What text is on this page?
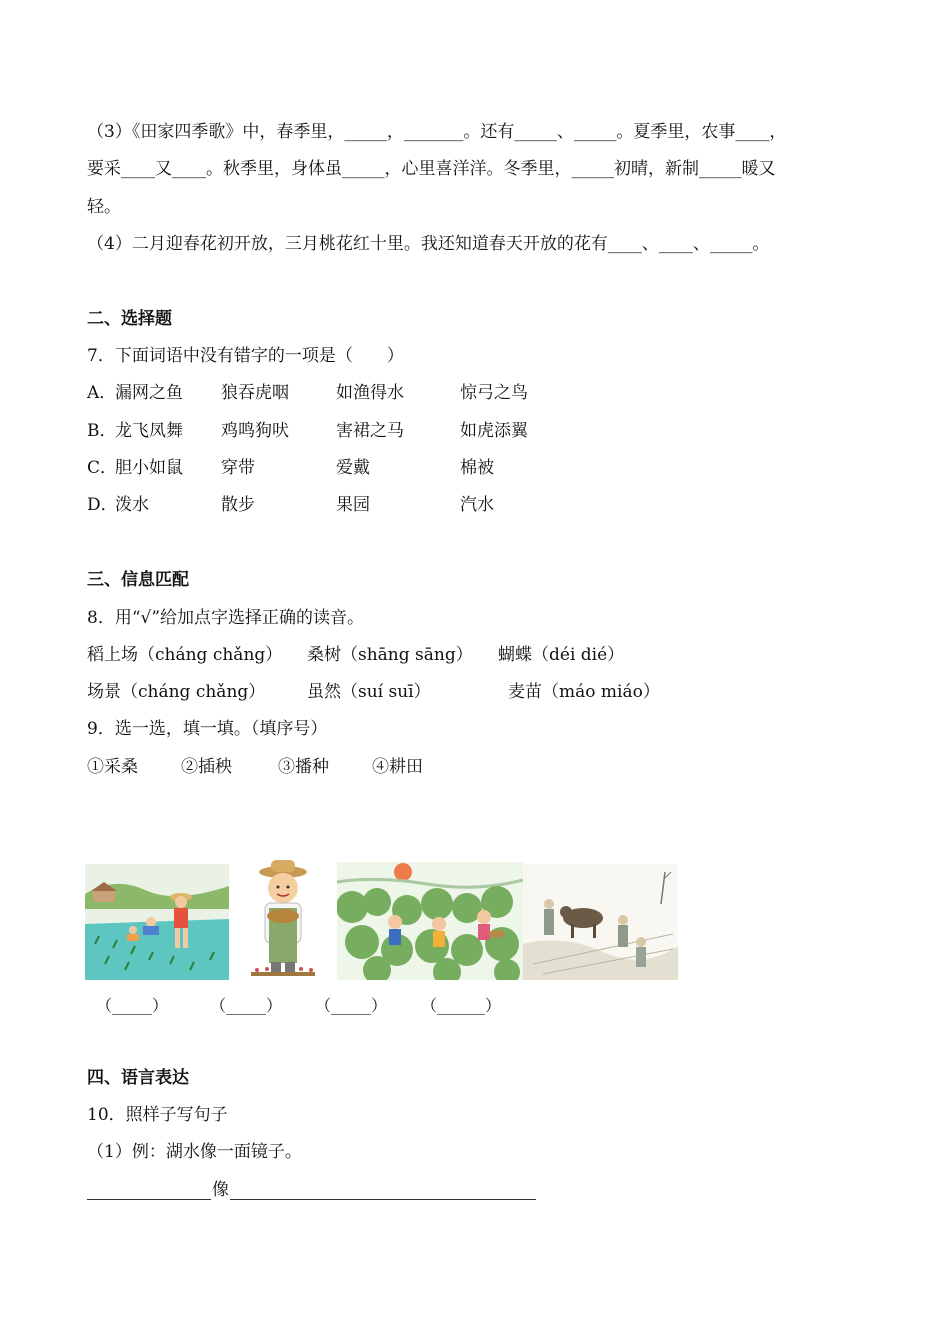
（3）《田家四季歌》中，春季里，_____，_______。还有_____、_____。夏季里，农事____，
要采____又____。秋季里，身体虽_____，心里喜洋洋。冬季里，_____初晴，新制_____暖又
轻。
（4）二月迎春花初开放，三月桃花红十里。我还知道春天开放的花有____、____、_____。
二、选择题
7．下面词语中没有错字的一项是（　　）
A．
漏网之鱼 狼吞虎咽	如渔得水	惊弓之鸟
B．
龙飞凤舞 鸡鸣狗吠	害裙之马	如虎添翼
C．
胆小如鼠 穿带	爱戴	棉被
D．
泼水	散步	果园	汽水
三、信息匹配
8．用“√”给加点字选择正确的读音。
稻上场（cháng chǎng） 桑树（shāng sāng） 蝴蝶（déi dié）
场景（cháng chǎng） 虽然（suí suī）	麦苗（máo miáo）
9．选一选，填一填。（填序号）
①采桑	②插秧	③播种	④耕田
（_____）	（_____） （_____） （______）
四、语言表达
10．照样子写句子
（1）例：湖水像一面镜子。
像
